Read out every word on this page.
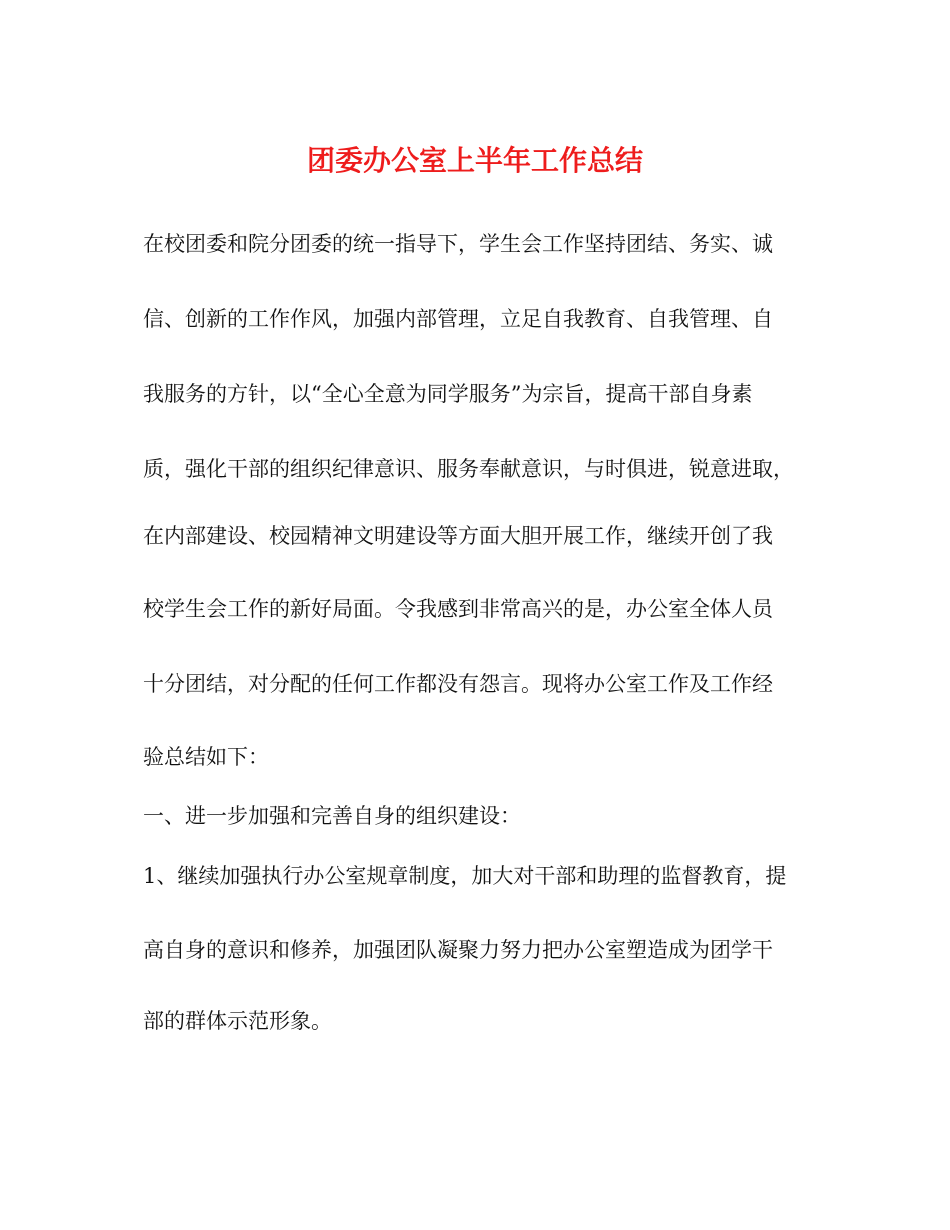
团委办公室上半年工作总结

在校团委和院分团委的统一指导下，学生会工作坚持团结、务实、诚

信、创新的工作作风，加强内部管理，立足自我教育、自我管理、自

我服务的方针，以“全心全意为同学服务”为宗旨，提高干部自身素

质，强化干部的组织纪律意识、服务奉献意识，与时俱进，锐意进取，

在内部建设、校园精神文明建设等方面大胆开展工作，继续开创了我

校学生会工作的新好局面。令我感到非常高兴的是，办公室全体人员

十分团结，对分配的任何工作都没有怨言。现将办公室工作及工作经

验总结如下：

一、进一步加强和完善自身的组织建设：

1、继续加强执行办公室规章制度，加大对干部和助理的监督教育，提

高自身的意识和修养，加强团队凝聚力努力把办公室塑造成为团学干

部的群体示范形象。
